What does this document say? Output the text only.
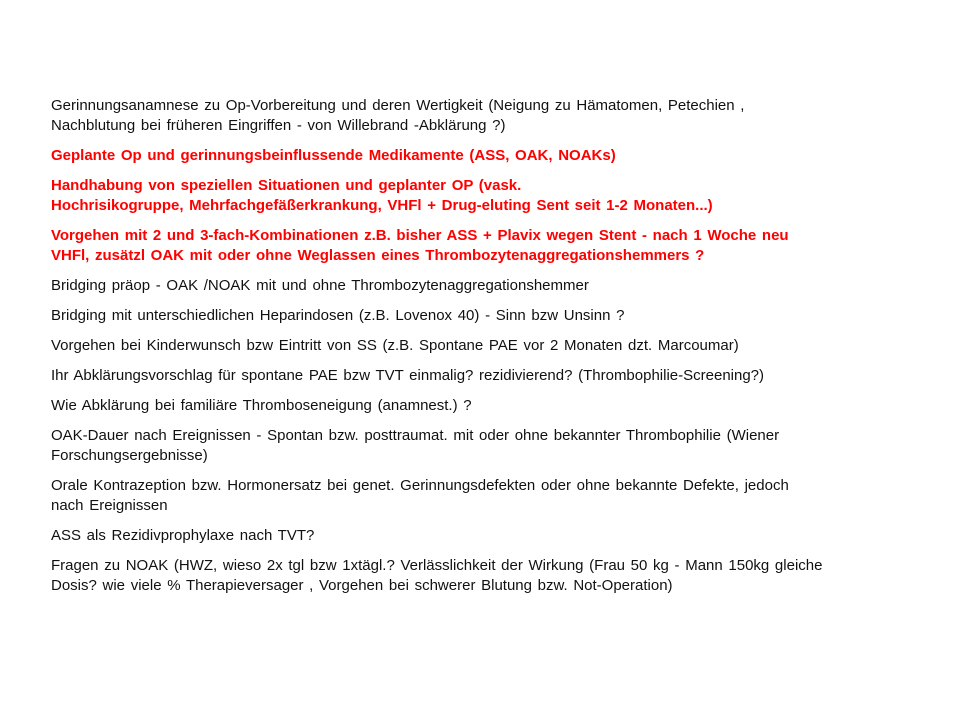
Gerinnungsanamnese zu Op-Vorbereitung und deren Wertigkeit (Neigung zu Hämatomen, Petechien ,
Nachblutung bei früheren Eingriffen - von Willebrand -Abklärung ?)

Geplante Op und gerinnungsbeinflussende Medikamente (ASS, OAK, NOAKs)

Handhabung von speziellen Situationen und geplanter OP (vask.
Hochrisikogruppe, Mehrfachgefäßerkrankung, VHFl + Drug-eluting Sent seit 1-2 Monaten...)

Vorgehen mit 2 und 3-fach-Kombinationen z.B. bisher ASS + Plavix wegen Stent - nach 1 Woche neu
VHFl, zusätzl OAK mit oder ohne Weglassen eines Thrombozytenaggregationshemmers ?

Bridging präop - OAK /NOAK mit und ohne Thrombozytenaggregationshemmer

Bridging mit unterschiedlichen Heparindosen (z.B. Lovenox 40) - Sinn bzw Unsinn ?

Vorgehen bei Kinderwunsch bzw Eintritt von SS (z.B. Spontane PAE vor 2 Monaten dzt. Marcoumar)

Ihr Abklärungsvorschlag für spontane PAE bzw TVT einmalig? rezidivierend? (Thrombophilie-Screening?)

Wie Abklärung bei familiäre Thromboseneigung (anamnest.) ?

OAK-Dauer nach Ereignissen - Spontan bzw. posttraumat. mit oder ohne bekannter Thrombophilie (Wiener
Forschungsergebnisse)

Orale Kontrazeption bzw. Hormonersatz bei genet. Gerinnungsdefekten oder ohne bekannte Defekte, jedoch
nach Ereignissen

ASS als Rezidivprophylaxe nach TVT?

Fragen zu NOAK (HWZ, wieso 2x tgl bzw 1xtägl.? Verlässlichkeit der Wirkung (Frau 50 kg - Mann 150kg gleiche
Dosis? wie viele % Therapieversager , Vorgehen bei schwerer Blutung bzw. Not-Operation)
